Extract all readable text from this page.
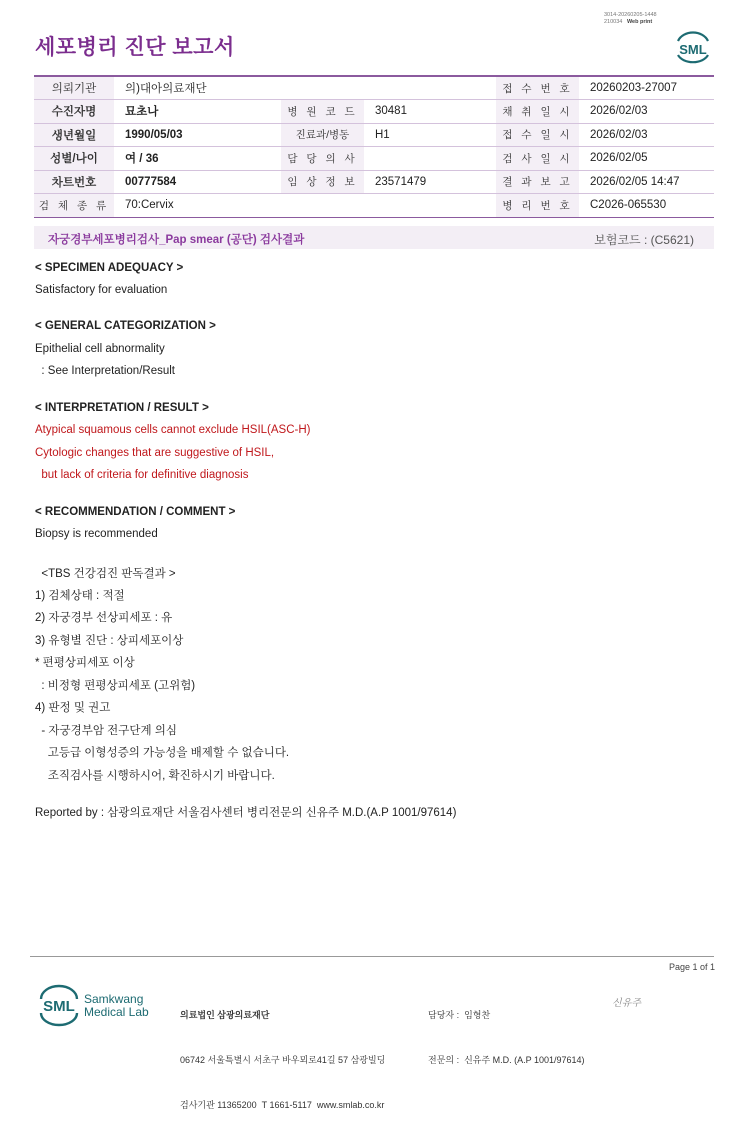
3014-20260205-1448
210034 Web print
세포병리 진단 보고서	SML
의뢰기관	의)대아의료재단			접 수 번 호	20260203-27007
수진자명	묘초나	병 원 코 드	30481	채 취 일 시	2026/02/03
생년월일	1990/05/03	진료과/병동	H1	접 수 일 시	2026/02/03
성별/나이	여 / 36	담 당 의 사		검 사 일 시	2026/02/05
차트번호	00777584	임 상 정 보	23571479	결 과 보 고	2026/02/05 14:47
검 체 종 류	70:Cervix			병 리 번 호	C2026-065530
자궁경부세포병리검사_Pap smear (공단) 검사결과	보험코드 : (C5621)
< SPECIMEN ADEQUACY >
Satisfactory for evaluation
< GENERAL CATEGORIZATION >
Epithelial cell abnormality
: See Interpretation/Result
< INTERPRETATION / RESULT >
Atypical squamous cells cannot exclude HSIL(ASC-H)
Cytologic changes that are suggestive of HSIL,
but lack of criteria for definitive diagnosis
< RECOMMENDATION / COMMENT >
Biopsy is recommended
<TBS 건강검진 판독결과 >
1) 검체상태 : 적절
2) 자궁경부 선상피세포 : 유
3) 유형별 진단 : 상피세포이상
* 편평상피세포 이상
: 비정형 편평상피세포 (고위험)
4) 판정 및 권고
- 자궁경부암 전구단계 의심
고등급 이형성증의 가능성을 배제할 수 없습니다.
조직검사를 시행하시어, 확진하시기 바랍니다.
Reported by : 삼광의료재단 서울검사센터 병리전문의 신유주 M.D.(A.P 1001/97614)
Page 1 of 1
SML Samkwang
Medical Lab

	의료법인 삼광의료재단

06742 서울특별시 서초구 바우뫼로41길 57 삼광빌딩

검사기관 11365200  T 1661-5117  www.smlab.co.kr

담당자 :  임형찬

전문의 :  신유주 M.D. (A.P 1001/97614)

신유주
